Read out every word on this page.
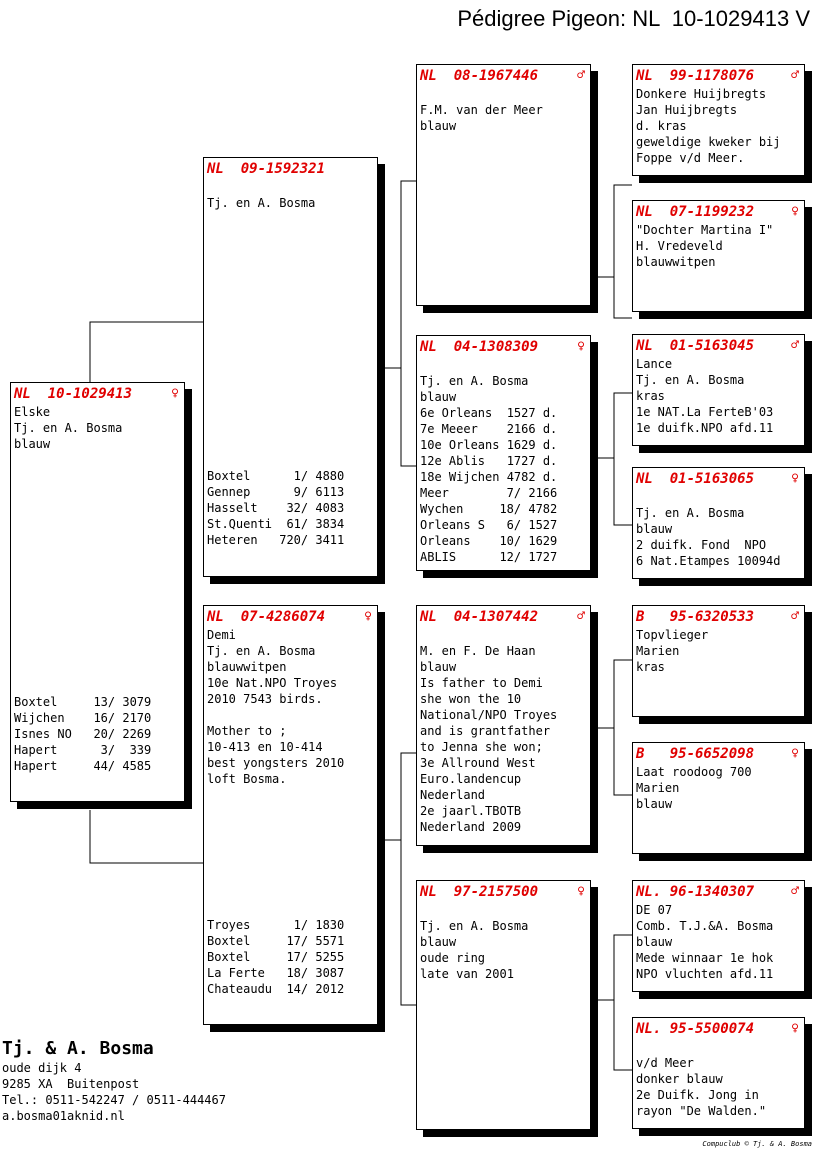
Pédigree Pigeon: NL  10-1029413 V
NL  10-1029413	♀
Elske
Tj. en A. Bosma
blauw
Boxtel	13/ 3079
Wijchen 16/ 2170
Isnes NO 20/ 2269
Hapert	3/  339
Hapert	44/ 4585
NL  09-1592321
Tj. en A. Bosma
Boxtel	1/ 4880
Gennep	9/ 6113
Hasselt 32/ 4083
St.Quenti 61/ 3834
Heteren 720/ 3411
NL  07-4286074	♀
Demi
Tj. en A. Bosma
blauwwitpen
10e Nat.NPO Troyes
2010 7543 birds.
Mother to ;
10-413 en 10-414
best yongsters 2010
loft Bosma.
Troyes	1/ 1830
Boxtel	17/ 5571
Boxtel	17/ 5255
La Ferte 18/ 3087
Chateaudu 14/ 2012
NL  08-1967446	♂
F.M. van der Meer
blauw
NL  04-1308309	♀
Tj. en A. Bosma
blauw
6e Orleans  1527 d.
7e Meeer    2166 d.
10e Orleans 1629 d.
12e Ablis   1727 d.
18e Wijchen 4782 d.
Meer	7/ 2166
Wychen	18/ 4782
Orleans S 6/ 1527
Orleans 10/ 1629
ABLIS	12/ 1727
NL  04-1307442	♂
M. en F. De Haan
blauw
Is father to Demi
she won the 10
National/NPO Troyes
and is grantfather
to Jenna she won;
3e Allround West
Euro.landencup
Nederland
2e jaarl.TBOTB
Nederland 2009
NL  97-2157500	♀
Tj. en A. Bosma
blauw
oude ring
late van 2001
NL  99-1178076	♂
Donkere Huijbregts
Jan Huijbregts
d. kras
geweldige kweker bij
Foppe v/d Meer.
NL  07-1199232	♀
"Dochter Martina I"
H. Vredeveld
blauwwitpen
NL  01-5163045	♂
Lance
Tj. en A. Bosma
kras
1e NAT.La FerteB'03
1e duifk.NPO afd.11
NL  01-5163065	♀
Tj. en A. Bosma
blauw
2 duifk. Fond  NPO
6 Nat.Etampes 10094d
B   95-6320533	♂
Topvlieger
Marien
kras
B   95-6652098	♀
Laat roodoog 700
Marien
blauw
NL. 96-1340307	♂
DE 07
Comb. T.J.&A. Bosma
blauw
Mede winnaar 1e hok
NPO vluchten afd.11
NL. 95-5500074	♀
v/d Meer
donker blauw
2e Duifk. Jong in
rayon "De Walden."
Tj. & A. Bosma
oude dijk 4
9285 XA  Buitenpost
Tel.: 0511-542247 / 0511-444467
a.bosma01aknid.nl
Compuclub © Tj. & A. Bosma
